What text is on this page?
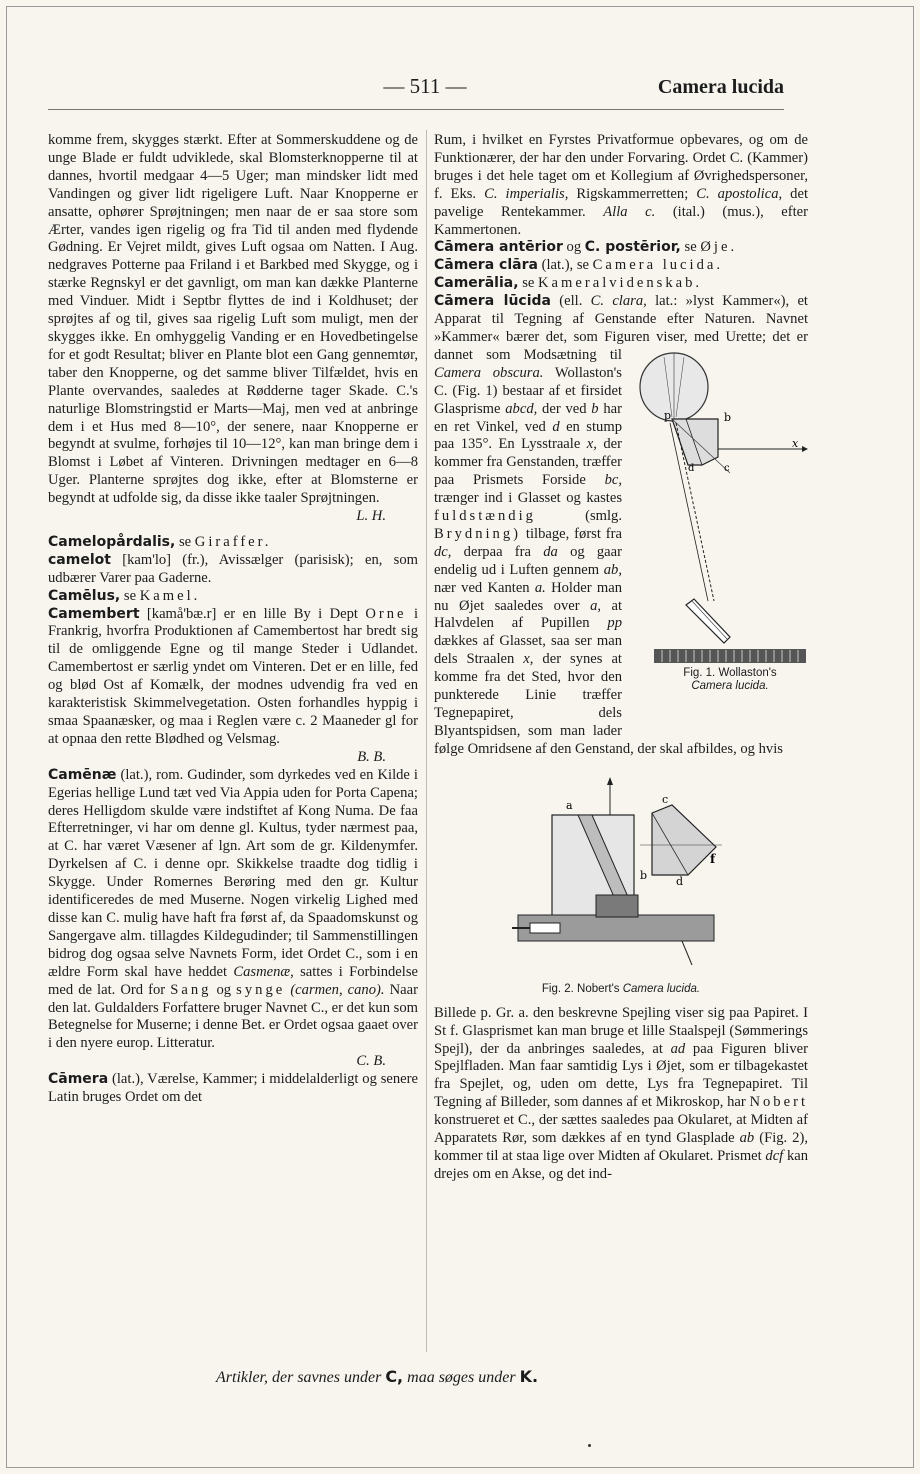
— 511 —	Camera lucida

komme frem, skygges stærkt. Efter at Sommerskuddene og de unge Blade er fuldt udviklede, skal Blomsterknopperne til at dannes, hvortil medgaar 4—5 Uger; man mindsker lidt med Vandingen og giver lidt rigeligere Luft. Naar Knopperne er ansatte, ophører Sprøjtningen; men naar de er saa store som Ærter, vandes igen rigelig og fra Tid til anden med flydende Gødning. Er Vejret mildt, gives Luft ogsaa om Natten. I Aug. nedgraves Potterne paa Friland i et Barkbed med Skygge, og i stærke Regnskyl er det gavnligt, om man kan dække Planterne med Vinduer. Midt i Septbr flyttes de ind i Koldhuset; der sprøjtes af og til, gives saa rigelig Luft som muligt, men der skygges ikke. En omhyggelig Vanding er en Hovedbetingelse for et godt Resultat; bliver en Plante blot een Gang gennemtør, taber den Knopperne, og det samme bliver Tilfældet, hvis en Plante overvandes, saaledes at Rødderne tager Skade. C.'s naturlige Blomstringstid er Marts—Maj, men ved at anbringe dem i et Hus med 8—10°, der senere, naar Knopperne er begyndt at svulme, forhøjes til 10—12°, kan man bringe dem i Blomst i Løbet af Vinteren. Drivningen medtager en 6—8 Uger. Planterne sprøjtes dog ikke, efter at Blomsterne er begyndt at udfolde sig, da disse ikke taaler Sprøjtningen.

L. H.

Camelopårdalis, se Giraffer.

camelot [kam'lo] (fr.), Avissælger (parisisk); en, som udbærer Varer paa Gaderne.

Camēlus, se Kamel.

Camembert [kamå'bæ.r] er en lille By i Dept Orne i Frankrig, hvorfra Produktionen af Camembertost har bredt sig til de omliggende Egne og til mange Steder i Udlandet. Camembertost er særlig yndet om Vinteren. Det er en lille, fed og blød Ost af Komælk, der modnes udvendig fra ved en karakteristisk Skimmelvegetation. Osten forhandles hyppig i smaa Spaanæsker, og maa i Reglen være c. 2 Maaneder gl for at opnaa den rette Blødhed og Velsmag.

B. B.

Camēnæ (lat.), rom. Gudinder, som dyrkedes ved en Kilde i Egerias hellige Lund tæt ved Via Appia uden for Porta Capena; deres Helligdom skulde være indstiftet af Kong Numa. De faa Efterretninger, vi har om denne gl. Kultus, tyder nærmest paa, at C. har været Væsener af lgn. Art som de gr. Kildenymfer. Dyrkelsen af C. i denne opr. Skikkelse traadte dog tidlig i Skygge. Under Romernes Berøring med den gr. Kultur identificeredes de med Muserne. Nogen virkelig Lighed med disse kan C. mulig have haft fra først af, da Spaadomskunst og Sangergave alm. tillagdes Kildegudinder; til Sammenstillingen bidrog dog ogsaa selve Navnets Form, idet Ordet C., som i en ældre Form skal have heddet Casmenæ, sattes i Forbindelse med de lat. Ord for Sang og synge (carmen, cano). Naar den lat. Guldalders Forfattere bruger Navnet C., er det kun som Betegnelse for Muserne; i denne Bet. er Ordet ogsaa gaaet over i den nyere europ. Litteratur.

C. B.

Cāmera (lat.), Værelse, Kammer; i middelalderligt og senere Latin bruges Ordet om det

Rum, i hvilket en Fyrstes Privatformue opbevares, og om de Funktionærer, der har den under Forvaring. Ordet C. (Kammer) bruges i det hele taget om et Kollegium af Øvrighedspersoner, f. Eks. C. imperialis, Rigskammerretten; C. apostolica, det pavelige Rentekammer. Alla c. (ital.) (mus.), efter Kammertonen.

Cāmera antērior og C. postērior, se Øje.

Cāmera clāra (lat.), se Camera lucida.

Camerālia, se Kameralvidenskab.

Cāmera lūcida (ell. C. clara, lat.: »lyst Kammer«), et Apparat til Tegning af Genstande efter Naturen. Navnet »Kammer« bærer det, som Figuren viser, med Urette; det er dannet som Modsætning til
p	b
x
d	c
Fig. 1. Wollaston's
Camera lucida.
Camera obscura. Wollaston's C. (Fig. 1) bestaar af et firsidet Glasprisme abcd, der ved b har en ret Vinkel, ved d en stump paa 135°. En Lysstraale x, der kommer fra Genstanden, træffer paa Prismets Forside bc, trænger ind i Glasset og kastes fuldstændig	(smlg. Brydning) tilbage, først fra dc, derpaa fra da og gaar endelig ud i Luften gennem ab, nær ved Kanten a. Holder man nu Øjet saaledes over a, at Halvdelen af Pupillen pp dækkes af Glasset, saa ser man dels Straalen x, der synes at komme fra det Sted, hvor den punkterede Linie træffer Tegnepapiret, dels Blyantspidsen, som man lader følge Omridsene af den Genstand, der skal afbildes, og hvis
a
b
c
d
f
Fig. 2. Nobert's Camera lucida.

Billede p. Gr. a. den beskrevne Spejling viser sig paa Papiret. I St f. Glasprismet kan man bruge et lille Staalspejl (Sømmerings Spejl), der da anbringes saaledes, at ad paa Figuren bliver Spejlfladen. Man faar samtidig Lys i Øjet, som er tilbagekastet fra Spejlet, og, uden om dette, Lys fra Tegnepapiret. Til Tegning af Billeder, som dannes af et Mikroskop, har Nobert konstrueret et C., der sættes saaledes paa Okularet, at Midten af Apparatets Rør, som dækkes af en tynd Glasplade ab (Fig. 2), kommer til at staa lige over Midten af Okularet. Prismet dcf kan drejes om en Akse, og det ind-

Artikler, der savnes under C, maa søges under K.
